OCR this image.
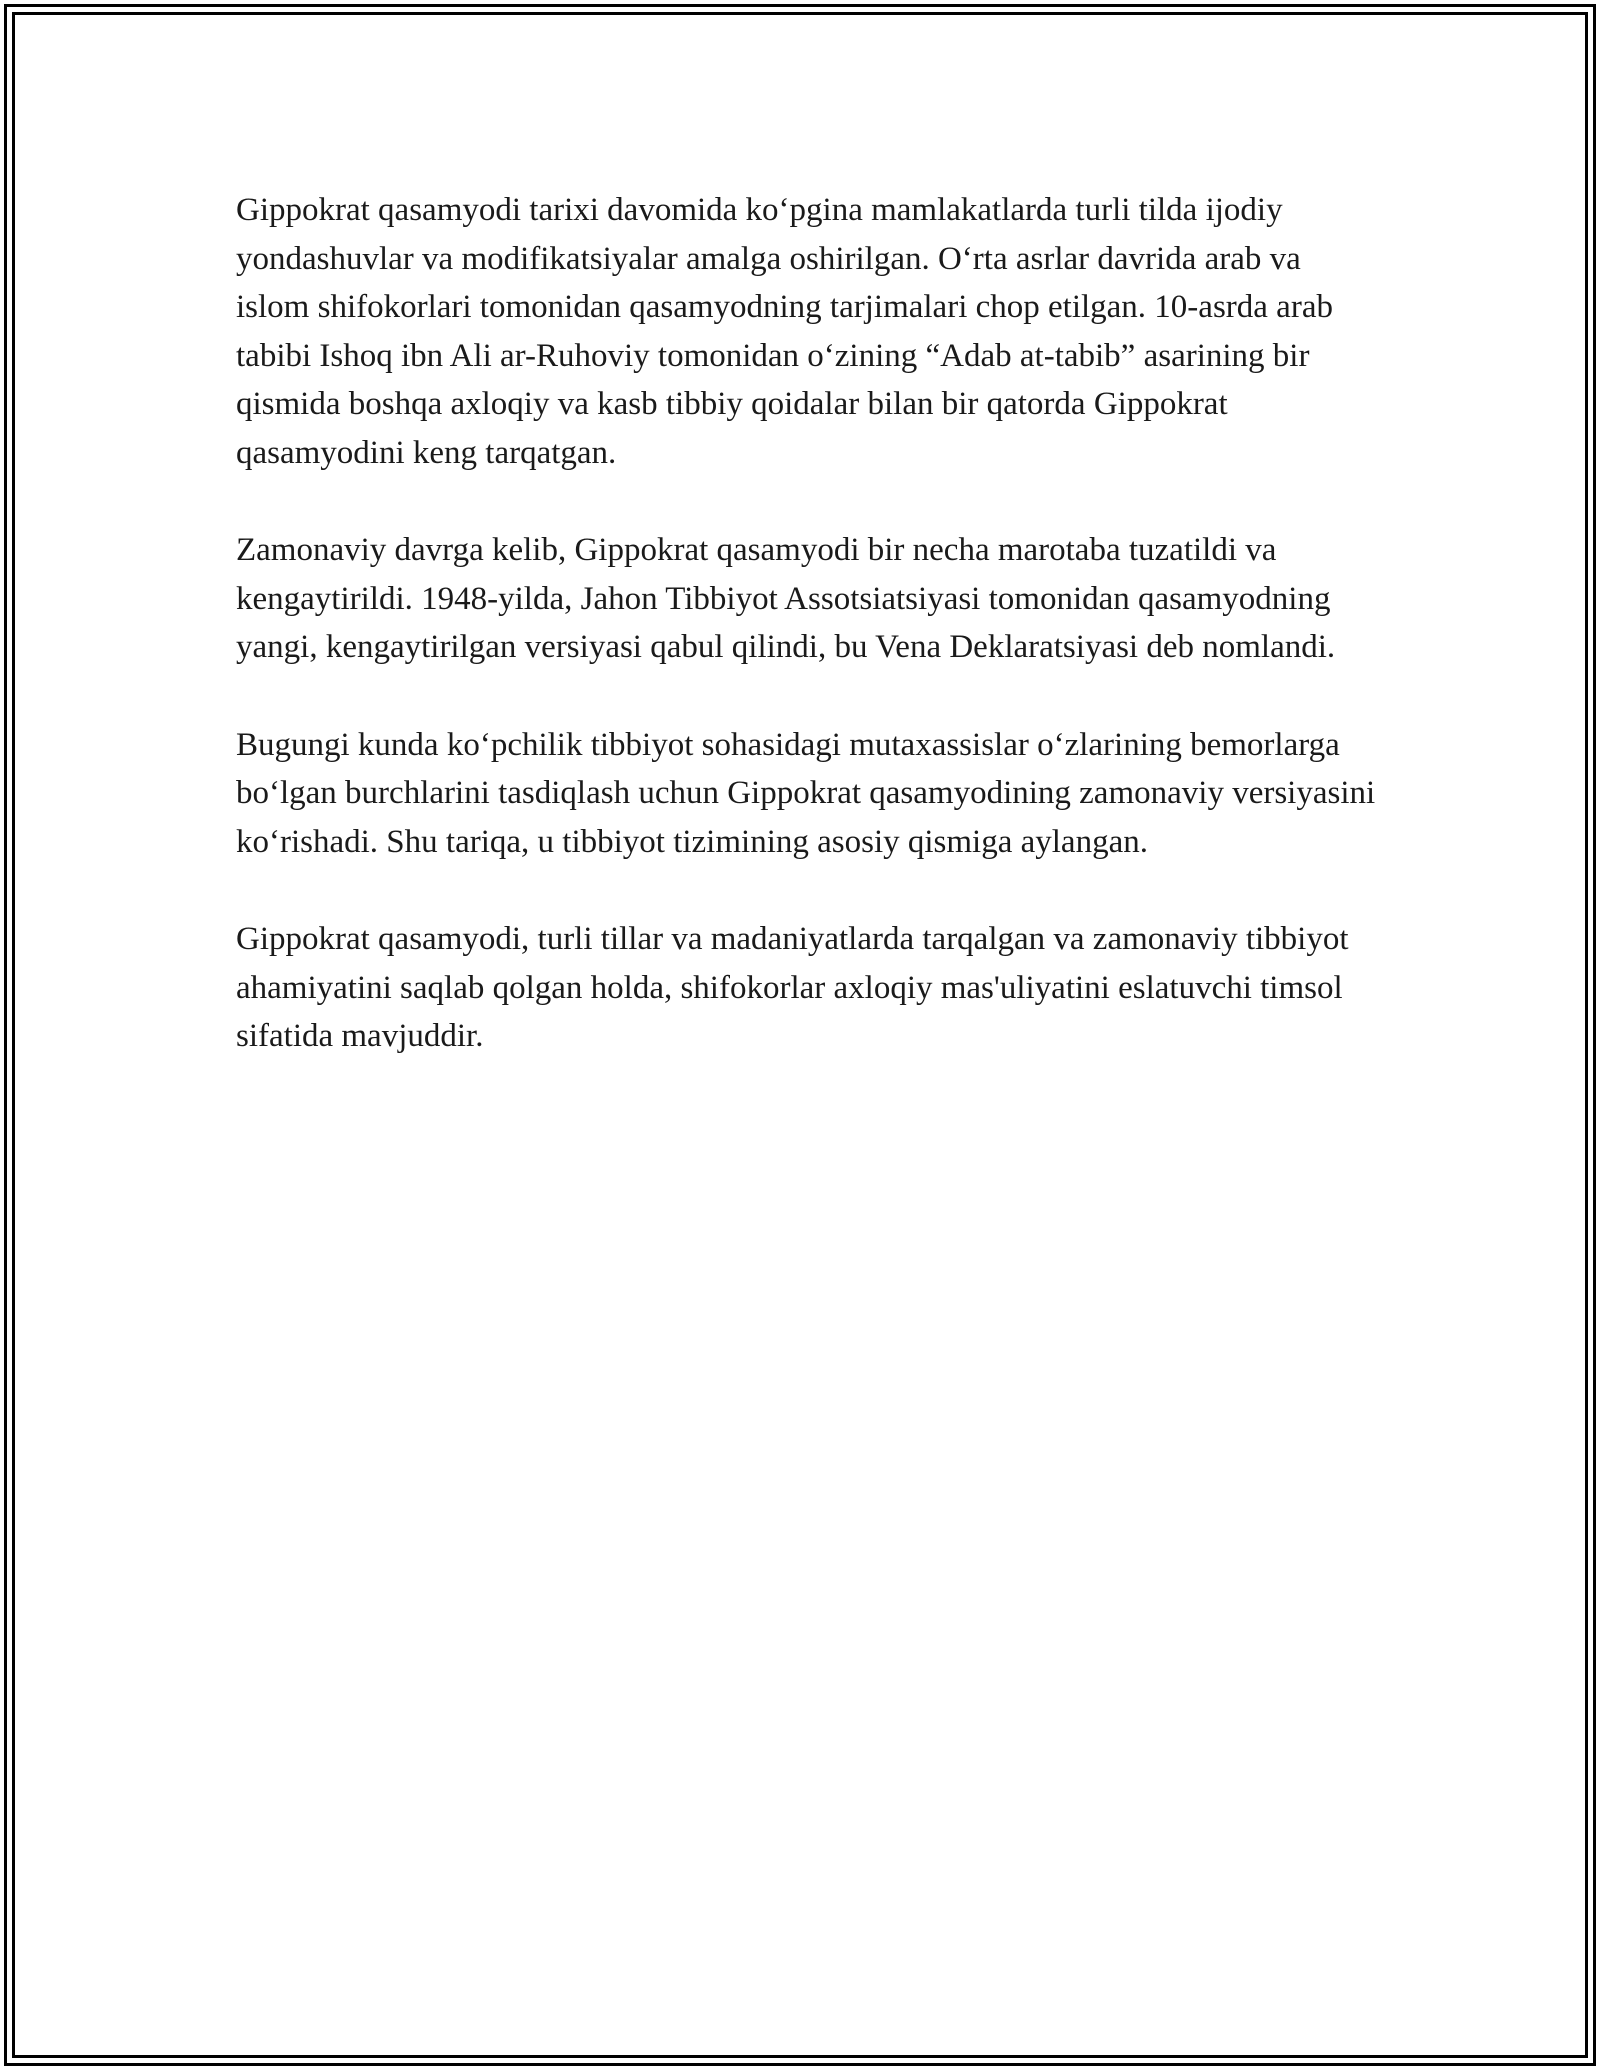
Gippokrat qasamyodi tarixi davomida koʻpgina mamlakatlarda turli tilda ijodiy yondashuvlar va modifikatsiyalar amalga oshirilgan. Oʻrta asrlar davrida arab va islom shifokorlari tomonidan qasamyodning tarjimalari chop etilgan. 10-asrda arab tabibi Ishoq ibn Ali ar-Ruhoviy tomonidan oʻzining “Adab at-tabib” asarining bir qismida boshqa axloqiy va kasb tibbiy qoidalar bilan bir qatorda Gippokrat qasamyodini keng tarqatgan.

Zamonaviy davrga kelib, Gippokrat qasamyodi bir necha marotaba tuzatildi va kengaytirildi. 1948-yilda, Jahon Tibbiyot Assotsiatsiyasi tomonidan qasamyodning yangi, kengaytirilgan versiyasi qabul qilindi, bu Vena Deklaratsiyasi deb nomlandi.

Bugungi kunda koʻpchilik tibbiyot sohasidagi mutaxassislar oʻzlarining bemorlarga boʻlgan burchlarini tasdiqlash uchun Gippokrat qasamyodining zamonaviy versiyasini koʻrishadi. Shu tariqa, u tibbiyot tizimining asosiy qismiga aylangan.

Gippokrat qasamyodi, turli tillar va madaniyatlarda tarqalgan va zamonaviy tibbiyot ahamiyatini saqlab qolgan holda, shifokorlar axloqiy mas'uliyatini eslatuvchi timsol sifatida mavjuddir.
